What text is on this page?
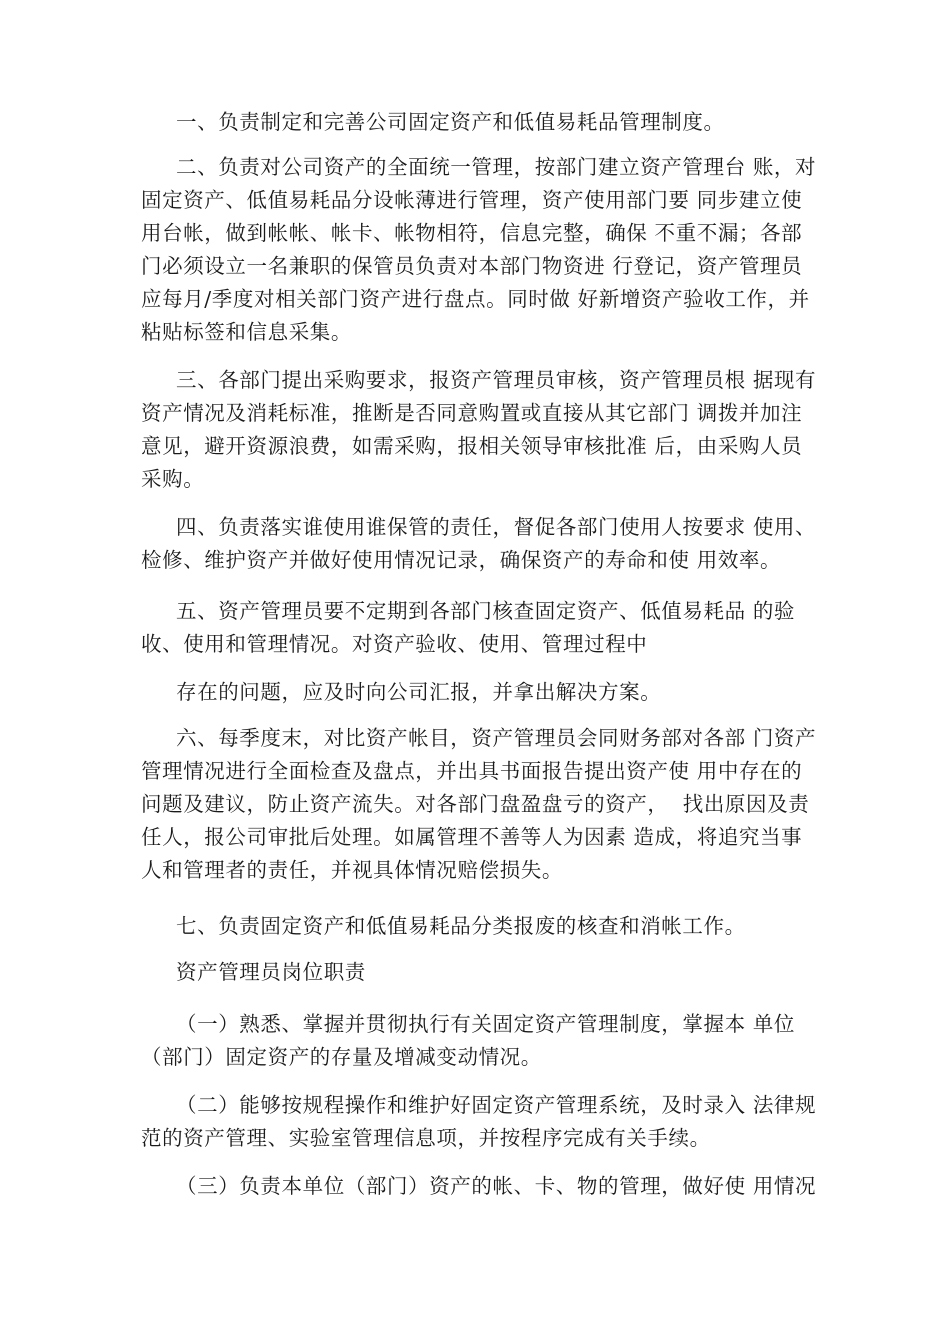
一、负责制定和完善公司固定资产和低值易耗品管理制度。
二、负责对公司资产的全面统一管理，按部门建立资产管理台 账，对
固定资产、低值易耗品分设帐薄进行管理，资产使用部门要 同步建立使
用台帐，做到帐帐、帐卡、帐物相符，信息完整，确保 不重不漏；各部
门必须设立一名兼职的保管员负责对本部门物资进 行登记，资产管理员
应每月/季度对相关部门资产进行盘点。同时做 好新增资产验收工作，并
粘贴标签和信息采集。
三、各部门提出采购要求，报资产管理员审核，资产管理员根 据现有
资产情况及消耗标准，推断是否同意购置或直接从其它部门 调拨并加注
意见，避开资源浪费，如需采购，报相关领导审核批准 后，由采购人员
采购。
四、负责落实谁使用谁保管的责任，督促各部门使用人按要求 使用、
检修、维护资产并做好使用情况记录，确保资产的寿命和使 用效率。
五、资产管理员要不定期到各部门核查固定资产、低值易耗品 的验
收、使用和管理情况。对资产验收、使用、管理过程中
存在的问题，应及时向公司汇报，并拿出解决方案。
六、每季度末，对比资产帐目，资产管理员会同财务部对各部 门资产
管理情况进行全面检查及盘点，并出具书面报告提出资产使 用中存在的
问题及建议，防止资产流失。对各部门盘盈盘亏的资产，  找出原因及责
任人，报公司审批后处理。如属管理不善等人为因素 造成，将追究当事
人和管理者的责任，并视具体情况赔偿损失。
七、负责固定资产和低值易耗品分类报废的核查和消帐工作。
资产管理员岗位职责
（一）熟悉、掌握并贯彻执行有关固定资产管理制度，掌握本 单位
（部门）固定资产的存量及增减变动情况。
（二）能够按规程操作和维护好固定资产管理系统，及时录入 法律规
范的资产管理、实验室管理信息项，并按程序完成有关手续。
（三）负责本单位（部门）资产的帐、卡、物的管理，做好使 用情况
